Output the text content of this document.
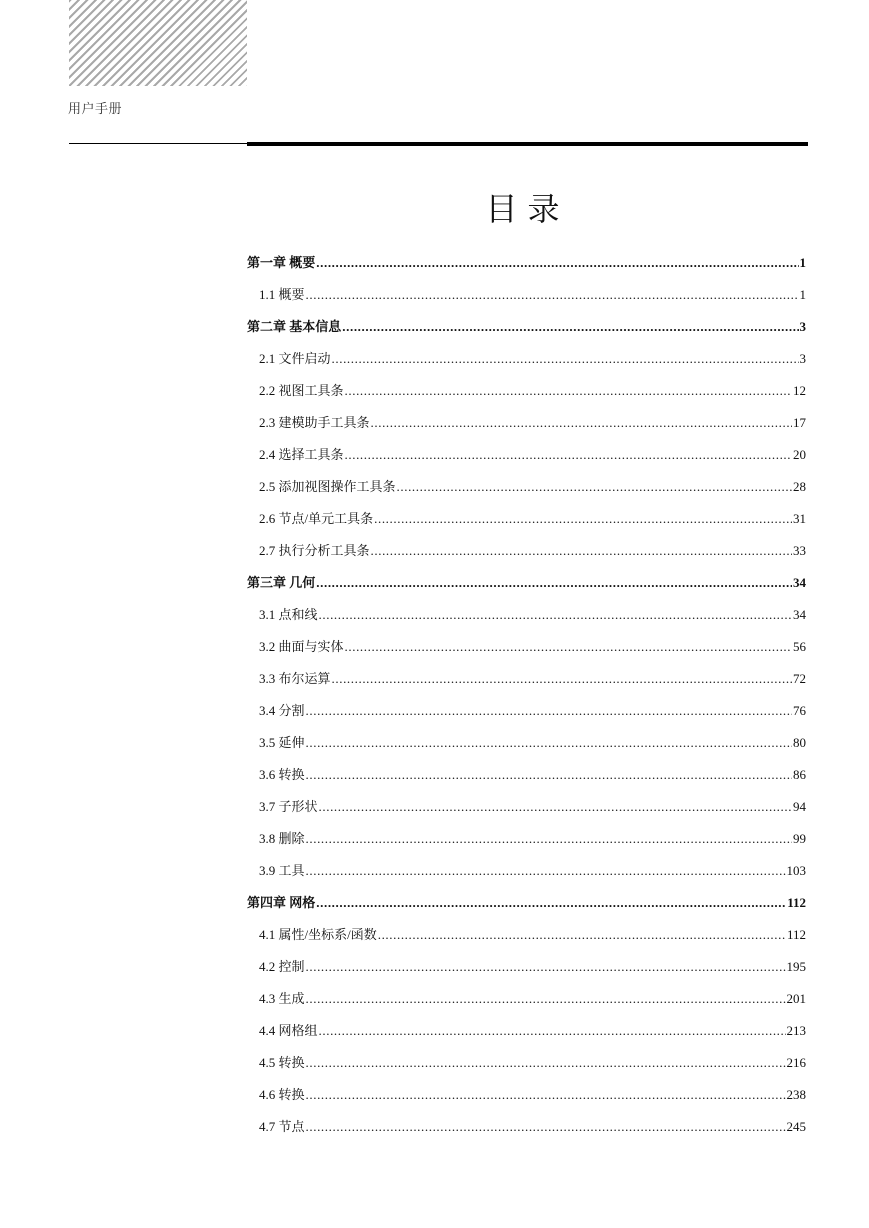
用户手册
目录
第一章 概要 .....	1
1.1 概要 .....	1
第二章 基本信息 .....	3
2.1 文件启动 .....	3
2.2 视图工具条 .....	12
2.3 建模助手工具条 .....	17
2.4 选择工具条 .....	20
2.5 添加视图操作工具条 .....	28
2.6 节点/单元工具条 .....	31
2.7 执行分析工具条 .....	33
第三章 几何 .....	34
3.1 点和线 .....	34
3.2 曲面与实体 .....	56
3.3 布尔运算 .....	72
3.4 分割 .....	76
3.5 延伸 .....	80
3.6 转换 .....	86
3.7 子形状 .....	94
3.8 删除 .....	99
3.9 工具 .....	103
第四章 网格 .....	112
4.1 属性/坐标系/函数 .....	112
4.2 控制 .....	195
4.3 生成 .....	201
4.4 网格组 .....	213
4.5 转换 .....	216
4.6 转换 .....	238
4.7 节点 .....	245
